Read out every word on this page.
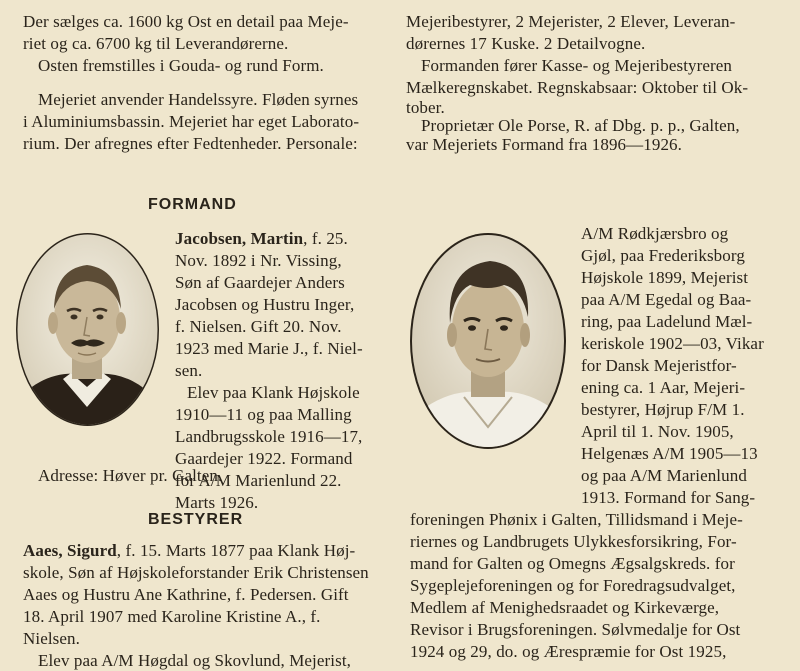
Der sælges ca. 1600 kg Ost en detail paa Meje-
riet og ca. 6700 kg til Leverandørerne.
Osten fremstilles i Gouda- og rund Form.
Mejeriet anvender Handelssyre. Fløden syrnes
i Aluminiumsbassin. Mejeriet har eget Laborato-
rium. Der afregnes efter Fedtenheder. Personale:
FORMAND
Jacobsen, Martin, f. 25.
Nov. 1892 i Nr. Vissing,
Søn af Gaardejer Anders
Jacobsen og Hustru Inger,
f. Nielsen. Gift 20. Nov.
1923 med Marie J., f. Niel-
sen.
Elev paa Klank Højskole
1910—11 og paa Malling
Landbrugsskole 1916—17,
Gaardejer 1922. Formand
for A/M Marienlund 22.
Marts 1926.
Adresse: Høver pr. Galten.
BESTYRER
Aaes, Sigurd, f. 15. Marts 1877 paa Klank Høj-
skole, Søn af Højskoleforstander Erik Christensen
Aaes og Hustru Ane Kathrine, f. Pedersen. Gift
18. April 1907 med Karoline Kristine A., f.
Nielsen.
Elev paa A/M Høgdal og Skovlund, Mejerist,
Mejeribestyrer, 2 Mejerister, 2 Elever, Leveran-
dørernes 17 Kuske. 2 Detailvogne.
Formanden fører Kasse- og Mejeribestyreren
Mælkeregnskabet. Regnskabsaar: Oktober til Ok-
tober.
Proprietær Ole Porse, R. af Dbg. p. p., Galten,
var Mejeriets Formand fra 1896—1926.
A/M Rødkjærsbro og
Gjøl, paa Frederiksborg
Højskole 1899, Mejerist
paa A/M Egedal og Baa-
ring, paa Ladelund Mæl-
keriskole 1902—03, Vikar
for Dansk Mejeristfor-
ening ca. 1 Aar, Mejeri-
bestyrer, Højrup F/M 1.
April til 1. Nov. 1905,
Helgenæs A/M 1905—13
og paa A/M Marienlund
1913. Formand for Sang-
foreningen Phønix i Galten, Tillidsmand i Meje-
riernes og Landbrugets Ulykkesforsikring, For-
mand for Galten og Omegns Ægsalgskreds. for
Sygeplejeforeningen og for Foredragsudvalget,
Medlem af Menighedsraadet og Kirkeværge,
Revisor i Brugsforeningen. Sølvmedalje for Ost
1924 og 29, do. og Ærespræmie for Ost 1925,
